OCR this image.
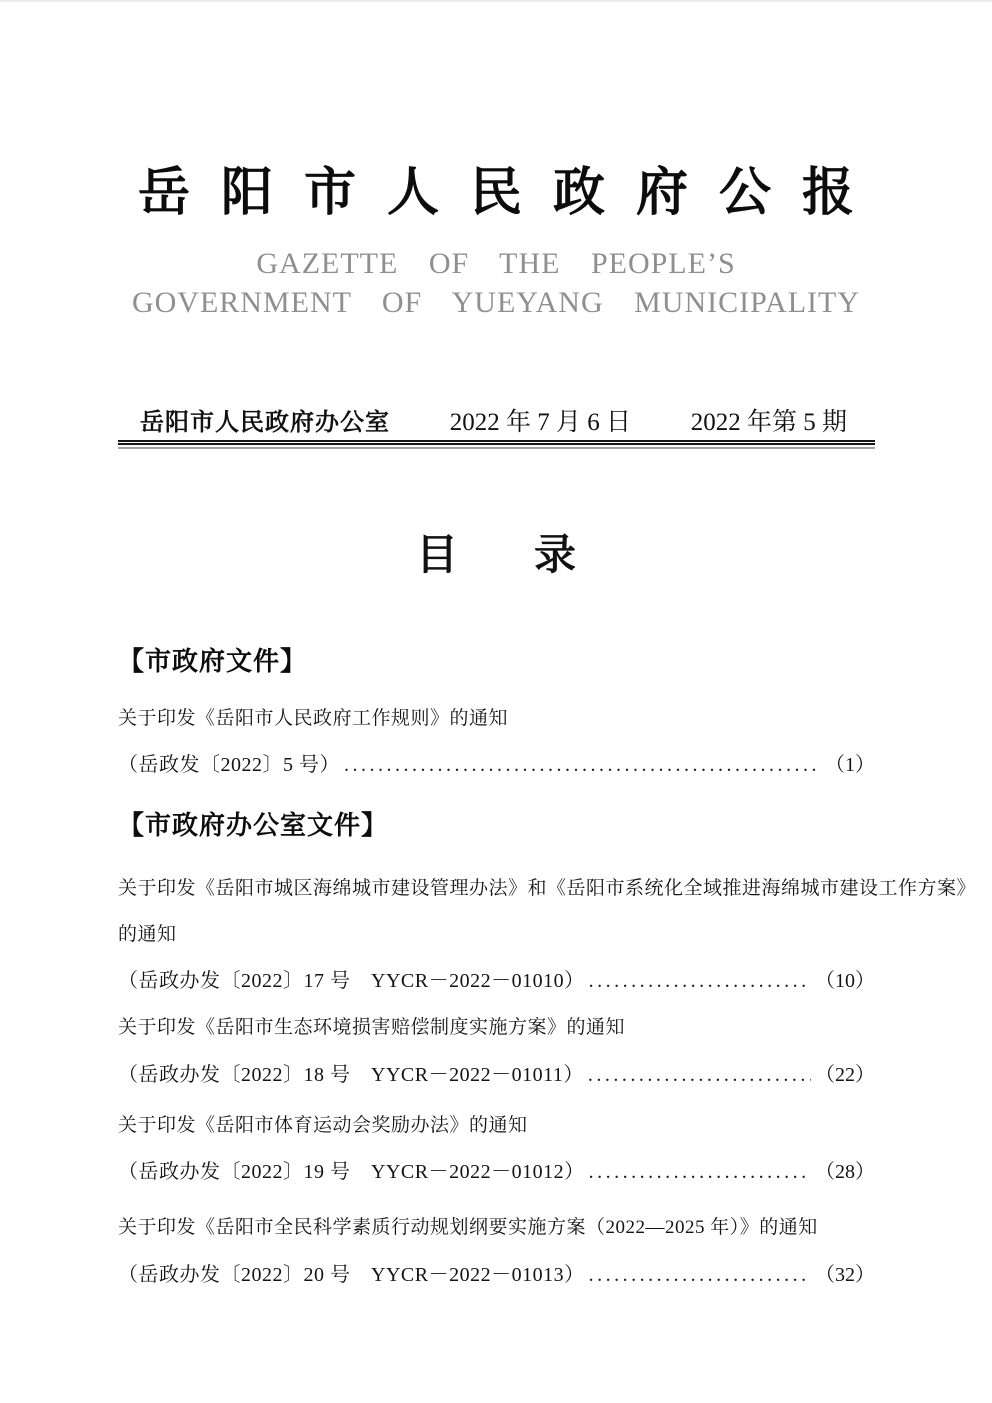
岳阳市人民政府公报
GAZETTE OF THE PEOPLE’S
GOVERNMENT OF YUEYANG MUNICIPALITY
岳阳市人民政府办公室 2022 年 7 月 6 日 2022 年第 5 期
目　录
【市政府文件】
关于印发《岳阳市人民政府工作规则》的通知
（岳政发〔2022〕5 号） .....	（1）
【市政府办公室文件】
关于印发《岳阳市城区海绵城市建设管理办法》和《岳阳市系统化全域推进海绵城市建设工作方案》
的通知
（岳政办发〔2022〕17 号　YYCR－2022－01010） .....	（10）
关于印发《岳阳市生态环境损害赔偿制度实施方案》的通知
（岳政办发〔2022〕18 号　YYCR－2022－01011） .....	（22）
关于印发《岳阳市体育运动会奖励办法》的通知
（岳政办发〔2022〕19 号　YYCR－2022－01012） .....	（28）
关于印发《岳阳市全民科学素质行动规划纲要实施方案（2022—2025 年）》的通知
（岳政办发〔2022〕20 号　YYCR－2022－01013） .....	（32）
